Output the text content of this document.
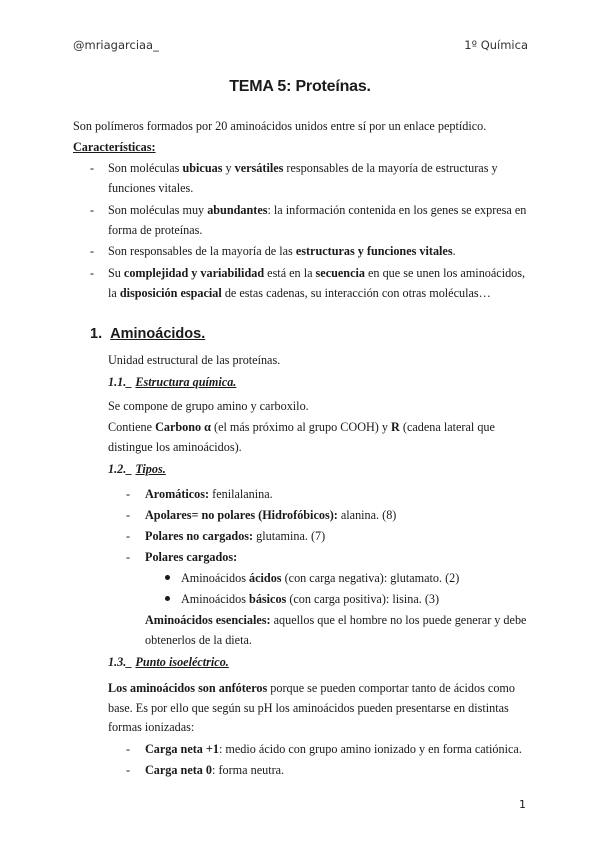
@mriagarciaa_	1º Química
TEMA 5: Proteínas.
Son polímeros formados por 20 aminoácidos unidos entre sí por un enlace peptídico.
Características:
- Son moléculas ubicuas y versátiles responsables de la mayoría de estructuras y
funciones vitales.
- Son moléculas muy abundantes: la información contenida en los genes se expresa en
forma de proteínas.
- Son responsables de la mayoría de las estructuras y funciones vitales.
- Su complejidad y variabilidad está en la secuencia en que se unen los aminoácidos,
la disposición espacial de estas cadenas, su interacción con otras moléculas…
1. Aminoácidos.
Unidad estructural de las proteínas.
1.1._ Estructura química.
Se compone de grupo amino y carboxilo.
Contiene Carbono α (el más próximo al grupo COOH) y R (cadena lateral que
distingue los aminoácidos).
1.2._ Tipos.
- Aromáticos: fenilalanina.
- Apolares= no polares (Hidrofóbicos): alanina. (8)
- Polares no cargados: glutamina. (7)
- Polares cargados:
Aminoácidos ácidos (con carga negativa): glutamato. (2)
Aminoácidos básicos (con carga positiva): lisina. (3)
Aminoácidos esenciales: aquellos que el hombre no los puede generar y debe
obtenerlos de la dieta.
1.3._ Punto isoeléctrico.
Los aminoácidos son anfóteros porque se pueden comportar tanto de ácidos como
base. Es por ello que según su pH los aminoácidos pueden presentarse en distintas
formas ionizadas:
- Carga neta +1: medio ácido con grupo amino ionizado y en forma catiónica.
- Carga neta 0: forma neutra.
1
